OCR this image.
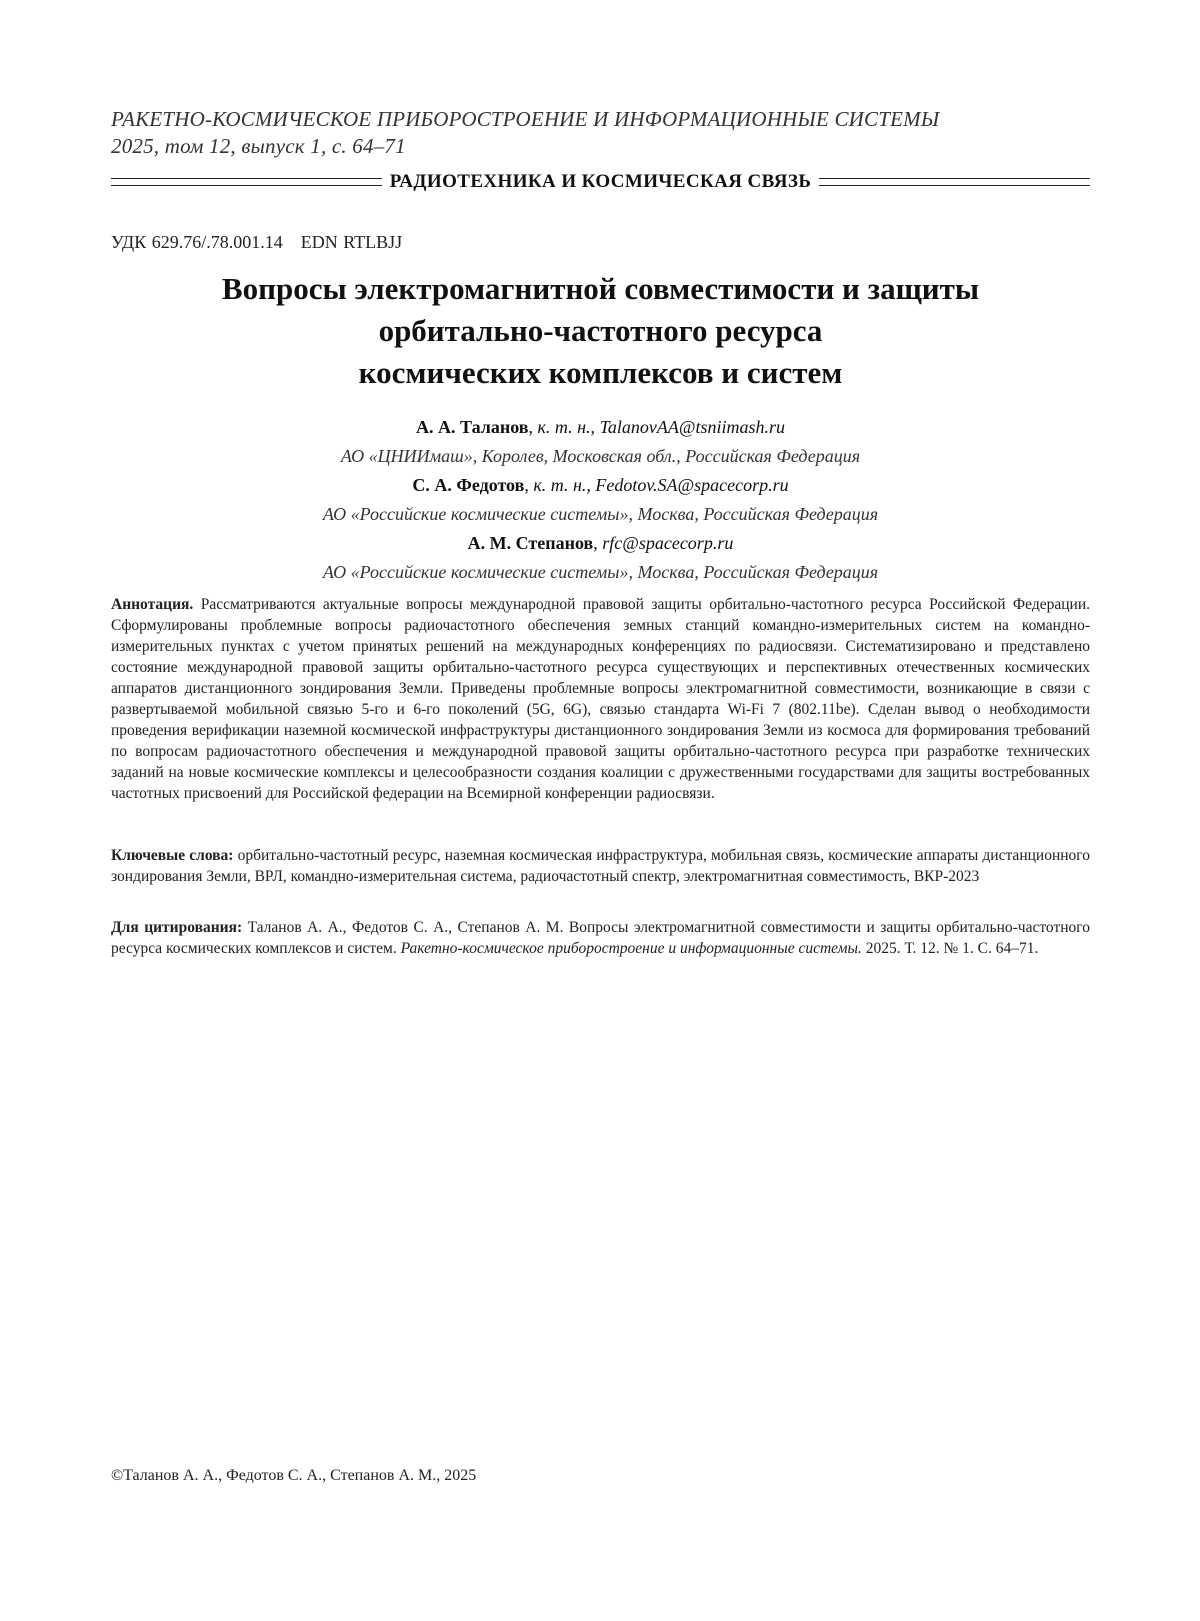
РАКЕТНО-КОСМИЧЕСКОЕ ПРИБОРОСТРОЕНИЕ И ИНФОРМАЦИОННЫЕ СИСТЕМЫ
2025, том 12, выпуск 1, с. 64–71
РАДИОТЕХНИКА И КОСМИЧЕСКАЯ СВЯЗЬ
УДК 629.76/.78.001.14 EDN RTLBJJ
Вопросы электромагнитной совместимости и защиты
орбитально-частотного ресурса
космических комплексов и систем
А. А. Таланов, к. т. н., TalanovAA@tsniimash.ru
АО «ЦНИИмаш», Королев, Московская обл., Российская Федерация
С. А. Федотов, к. т. н., Fedotov.SA@spacecorp.ru
АО «Российские космические системы», Москва, Российская Федерация
А. М. Степанов, rfc@spacecorp.ru
АО «Российские космические системы», Москва, Российская Федерация

Аннотация. Рассматриваются актуальные вопросы международной правовой защиты орбитально-частотного ресурса Российской Федерации. Сформулированы проблемные вопросы радиочастотного обеспечения земных станций командно-измерительных систем на командно-измерительных пунктах с учетом принятых решений на международных конференциях по радиосвязи. Систематизировано и представлено состояние международной правовой защиты орбитально-частотного ресурса существующих и перспективных отечественных космических аппаратов дистанционного зондирования Земли. Приведены проблемные вопросы электромагнитной совместимости, возникающие в связи с развертываемой мобильной связью 5-го и 6-го поколений (5G, 6G), связью стандарта Wi-Fi 7 (802.11be). Сделан вывод о необходимости проведения верификации наземной космической инфраструктуры дистанционного зондирования Земли из космоса для формирования требований по вопросам радиочастотного обеспечения и международной правовой защиты орбитально-частотного ресурса при разработке технических заданий на новые космические комплексы и целесообразности создания коалиции с дружественными государствами для защиты востребованных частотных присвоений для Российской федерации на Всемирной конференции радиосвязи.

Ключевые слова: орбитально-частотный ресурс, наземная космическая инфраструктура, мобильная связь, космические аппараты дистанционного зондирования Земли, ВРЛ, командно-измерительная система, радиочастотный спектр, электромагнитная совместимость, ВКР-2023

Для цитирования: Таланов А. А., Федотов С. А., Степанов А. М. Вопросы электромагнитной совместимости и защиты орбитально-частотного ресурса космических комплексов и систем. Ракетно-космическое приборостроение и информационные системы. 2025. Т. 12. № 1. С. 64–71.

©Таланов А. А., Федотов С. А., Степанов А. М., 2025
